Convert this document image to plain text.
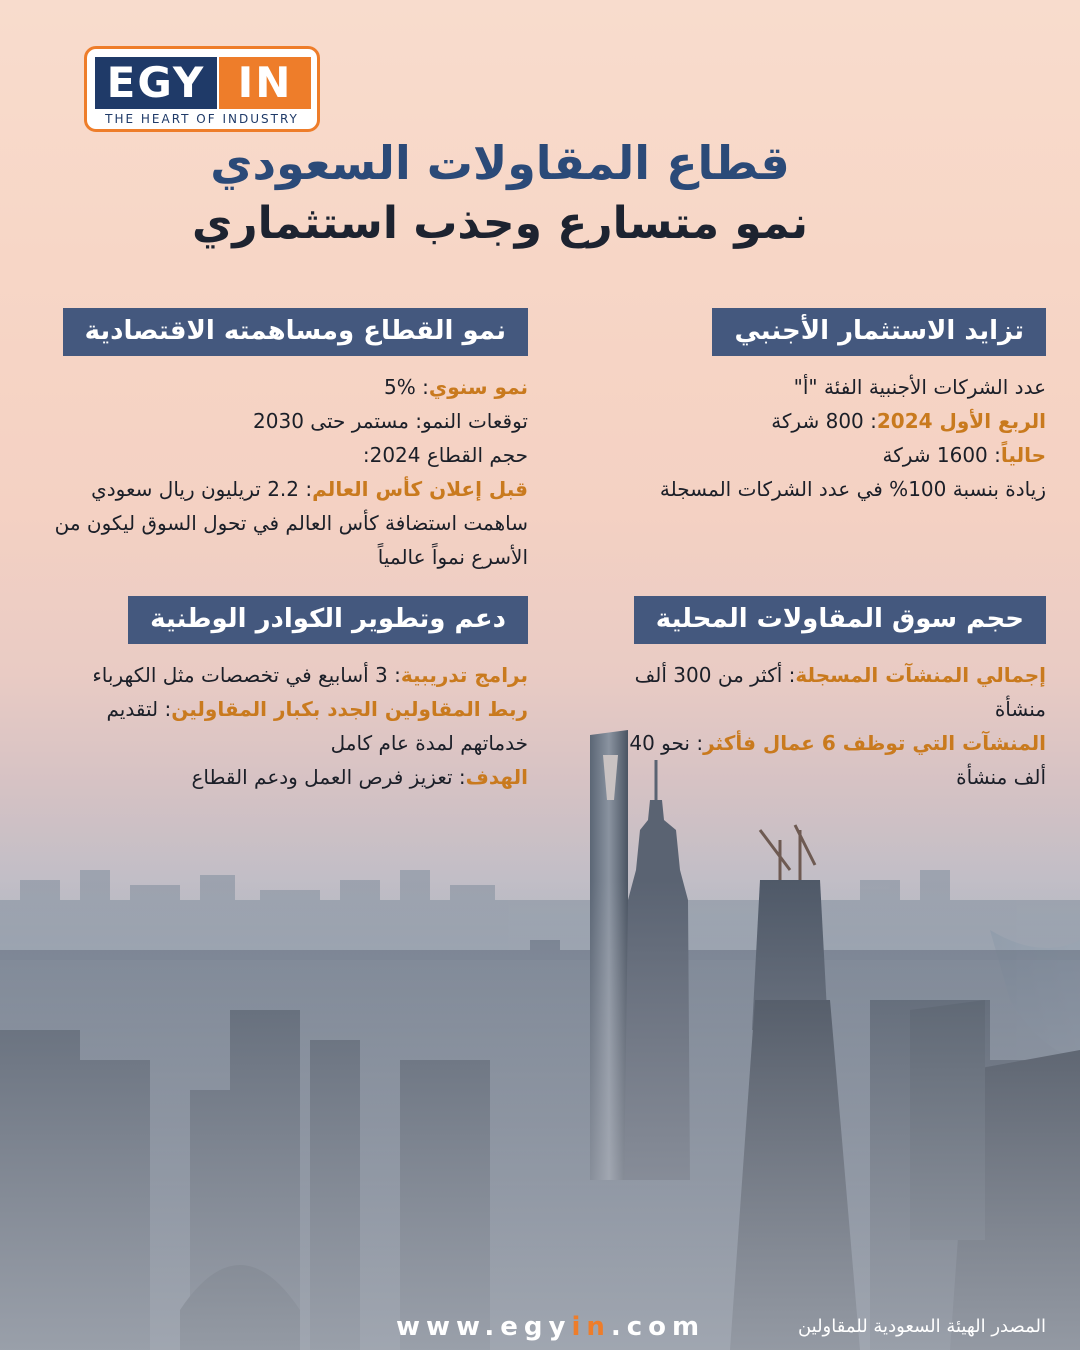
EGY IN
THE HEART OF INDUSTRY
قطاع المقاولات السعودي
نمو متسارع وجذب استثماري
تزايد الاستثمار الأجنبي
عدد الشركات الأجنبية الفئة "أ"
الربع الأول 2024: 800 شركة
حالياً: 1600 شركة
زيادة بنسبة 100% في عدد الشركات المسجلة
نمو القطاع ومساهمته الاقتصادية
نمو سنوي: 5%
توقعات النمو: مستمر حتى 2030
حجم القطاع 2024:
قبل إعلان كأس العالم: 2.2 تريليون ريال سعودي
ساهمت استضافة كأس العالم في تحول السوق ليكون من الأسرع نمواً عالمياً
حجم سوق المقاولات المحلية
إجمالي المنشآت المسجلة: أكثر من 300 ألف منشأة
المنشآت التي توظف 6 عمال فأكثر: نحو 40 ألف منشأة
دعم وتطوير الكوادر الوطنية
برامج تدريبية: 3 أسابيع في تخصصات مثل الكهرباء
ربط المقاولين الجدد بكبار المقاولين: لتقديم خدماتهم لمدة عام كامل
الهدف: تعزيز فرص العمل ودعم القطاع
www.egyin.com	المصدر الهيئة السعودية للمقاولين
